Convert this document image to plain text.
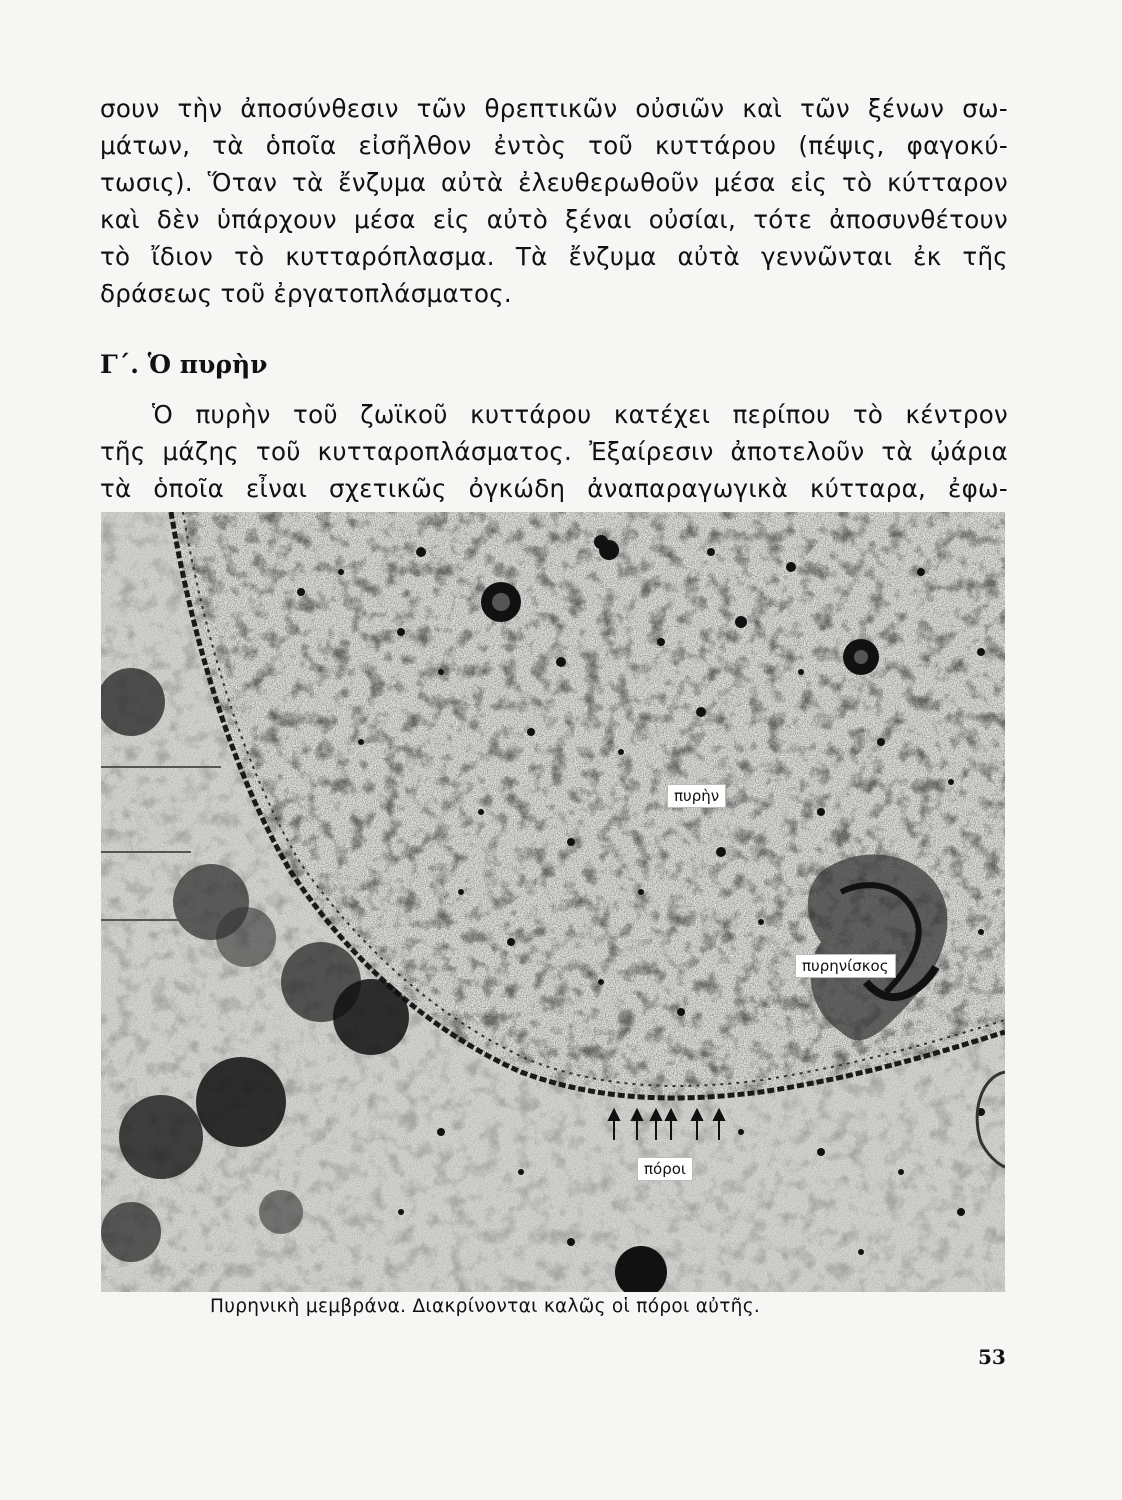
σουν τὴν ἀποσύνθεσιν τῶν θρεπτικῶν οὐσιῶν καὶ τῶν ξένων σω-
μάτων, τὰ ὁποῖα εἰσῆλθον ἐντὸς τοῦ κυττάρου (πέψις, φαγοκύ-
τωσις). Ὅταν τὰ ἔνζυμα αὐτὰ ἐλευθερωθοῦν μέσα εἰς τὸ κύτταρον
καὶ δὲν ὑπάρχουν μέσα εἰς αὐτὸ ξέναι οὐσίαι, τότε ἀποσυνθέτουν
τὸ ἴδιον τὸ κυτταρόπλασμα. Τὰ ἔνζυμα αὐτὰ γεννῶνται ἐκ τῆς
δράσεως τοῦ ἐργατοπλάσματος.
Γ΄. Ὁ πυρὴν
Ὁ πυρὴν τοῦ ζωϊκοῦ κυττάρου κατέχει περίπου τὸ κέντρον
τῆς μάζης τοῦ κυτταροπλάσματος. Ἐξαίρεσιν ἀποτελοῦν τὰ ᾠάρια
τὰ ὁποῖα εἶναι σχετικῶς ὀγκώδη ἀναπαραγωγικὰ κύτταρα, ἐφω-
πυρὴν
πυρηνίσκος
πόροι
Πυρηνικὴ μεμβράνα. Διακρίνονται καλῶς οἱ πόροι αὐτῆς.
53
